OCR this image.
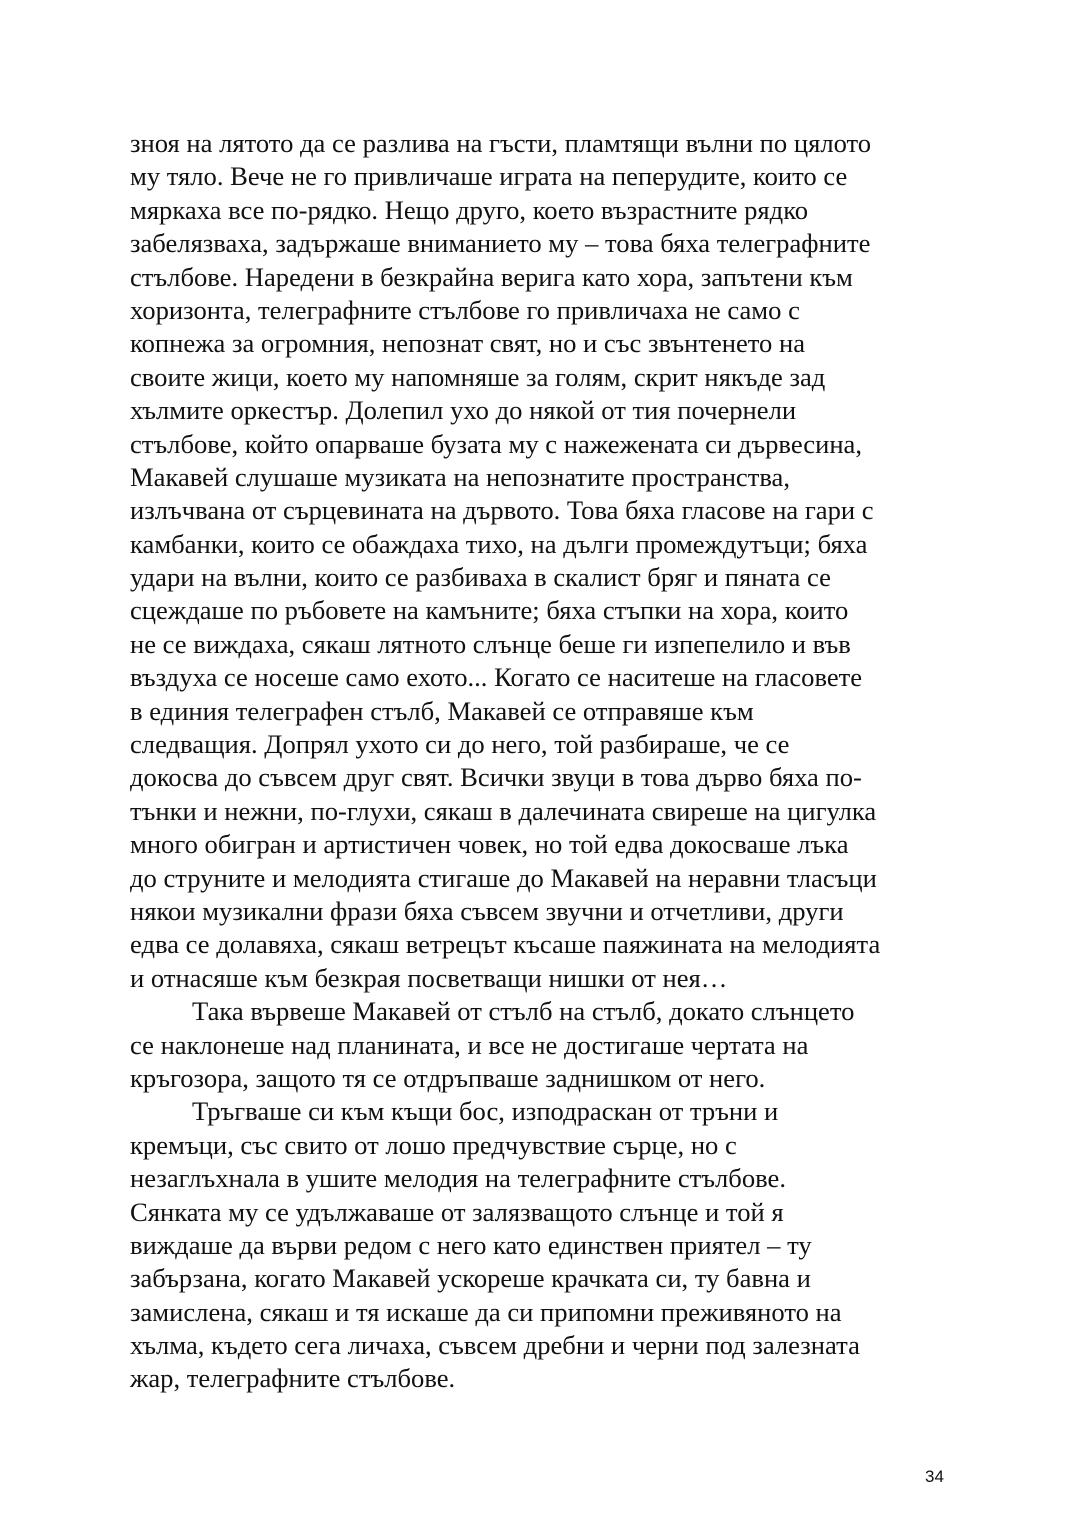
зноя на лятото да се разлива на гъсти, пламтящи вълни по цялото
му тяло. Вече не го привличаше играта на пеперудите, които се
мяркаха все по-рядко. Нещо друго, което възрастните рядко
забелязваха, задържаше вниманието му – това бяха телеграфните
стълбове. Наредени в безкрайна верига като хора, запътени към
хоризонта, телеграфните стълбове го привличаха не само с
копнежа за огромния, непознат свят, но и със звънтенето на
своите жици, което му напомняше за голям, скрит някъде зад
хълмите оркестър. Долепил ухо до някой от тия почернели
стълбове, който опарваше бузата му с нажежената си дървесина,
Макавей слушаше музиката на непознатите пространства,
излъчвана от сърцевината на дървото. Това бяха гласове на гари с
камбанки, които се обаждаха тихо, на дълги промеждутъци; бяха
удари на вълни, които се разбиваха в скалист бряг и пяната се
сцеждаше по ръбовете на камъните; бяха стъпки на хора, които
не се виждаха, сякаш лятното слънце беше ги изпепелило и във
въздуха се носеше само ехото... Когато се наситеше на гласовете
в единия телеграфен стълб, Макавей се отправяше към
следващия. Допрял ухото си до него, той разбираше, че се
докосва до съвсем друг свят. Всички звуци в това дърво бяха по-
тънки и нежни, по-глухи, сякаш в далечината свиреше на цигулка
много обигран и артистичен човек, но той едва докосваше лъка
до струните и мелодията стигаше до Макавей на неравни тласъци
някои музикални фрази бяха съвсем звучни и отчетливи, други
едва се долавяха, сякаш ветрецът късаше паяжината на мелодията
и отнасяше към безкрая посветващи нишки от нея…
Така вървеше Макавей от стълб на стълб, докато слънцето
се наклонеше над планината, и все не достигаше чертата на
кръгозора, защото тя се отдръпваше заднишком от него.
Тръгваше си към къщи бос, изподраскан от тръни и
кремъци, със свито от лошо предчувствие сърце, но с
незаглъхнала в ушите мелодия на телеграфните стълбове.
Сянката му се удължаваше от залязващото слънце и той я
виждаше да върви редом с него като единствен приятел – ту
забързана, когато Макавей ускореше крачката си, ту бавна и
замислена, сякаш и тя искаше да си припомни преживяното на
хълма, където сега личаха, съвсем дребни и черни под залезната
жар, телеграфните стълбове.
34
